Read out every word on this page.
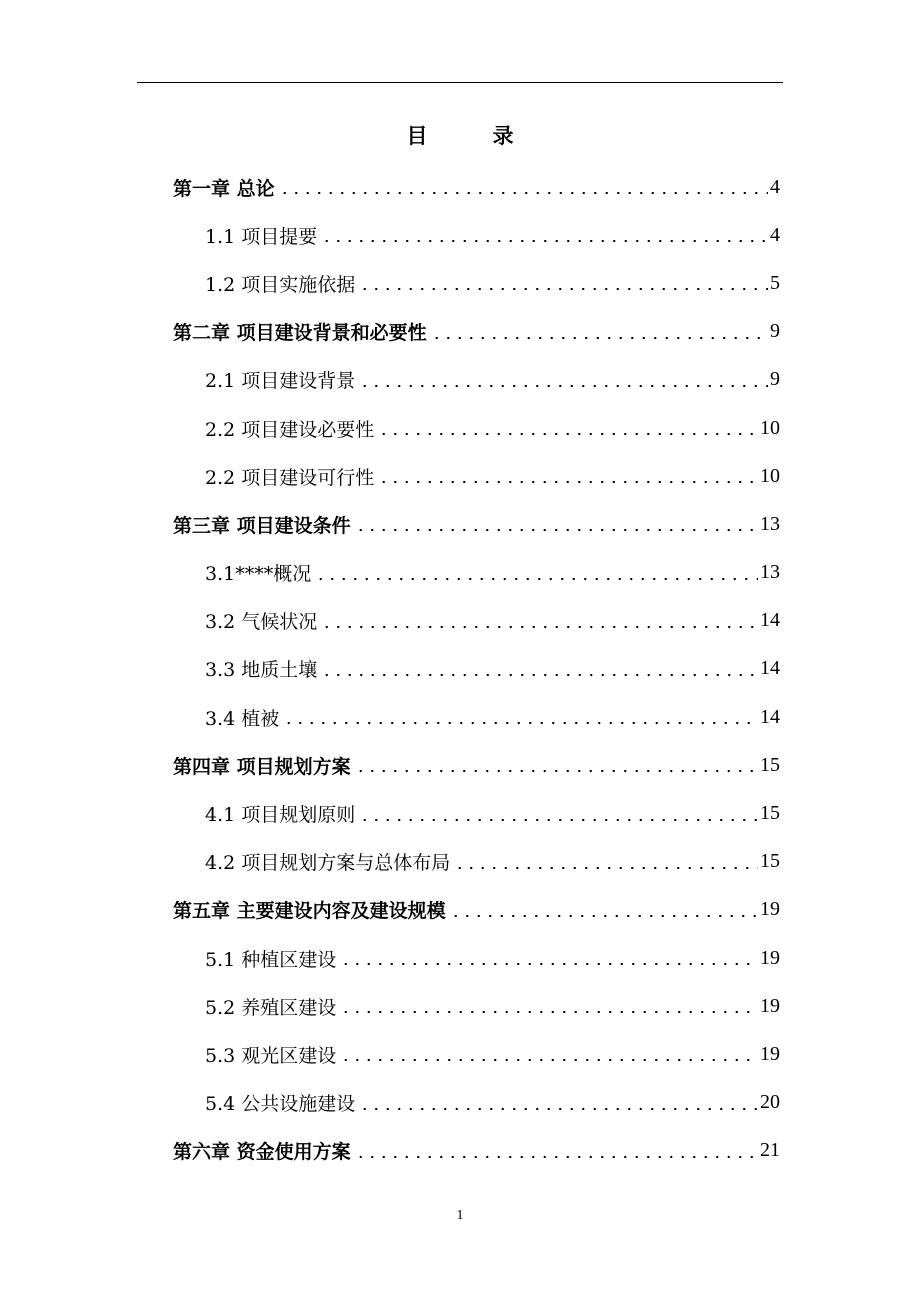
目　录
第一章 总论	4
1.1 项目提要	4
1.2 项目实施依据	5
第二章 项目建设背景和必要性	9
2.1 项目建设背景	9
2.2 项目建设必要性	10
2.2 项目建设可行性	10
第三章 项目建设条件	13
3.1****概况	13
3.2 气候状况	14
3.3 地质土壤	14
3.4 植被	14
第四章 项目规划方案	15
4.1 项目规划原则	15
4.2 项目规划方案与总体布局	15
第五章 主要建设内容及建设规模	19
5.1 种植区建设	19
5.2 养殖区建设	19
5.3 观光区建设	19
5.4 公共设施建设	20
第六章 资金使用方案	21
1
